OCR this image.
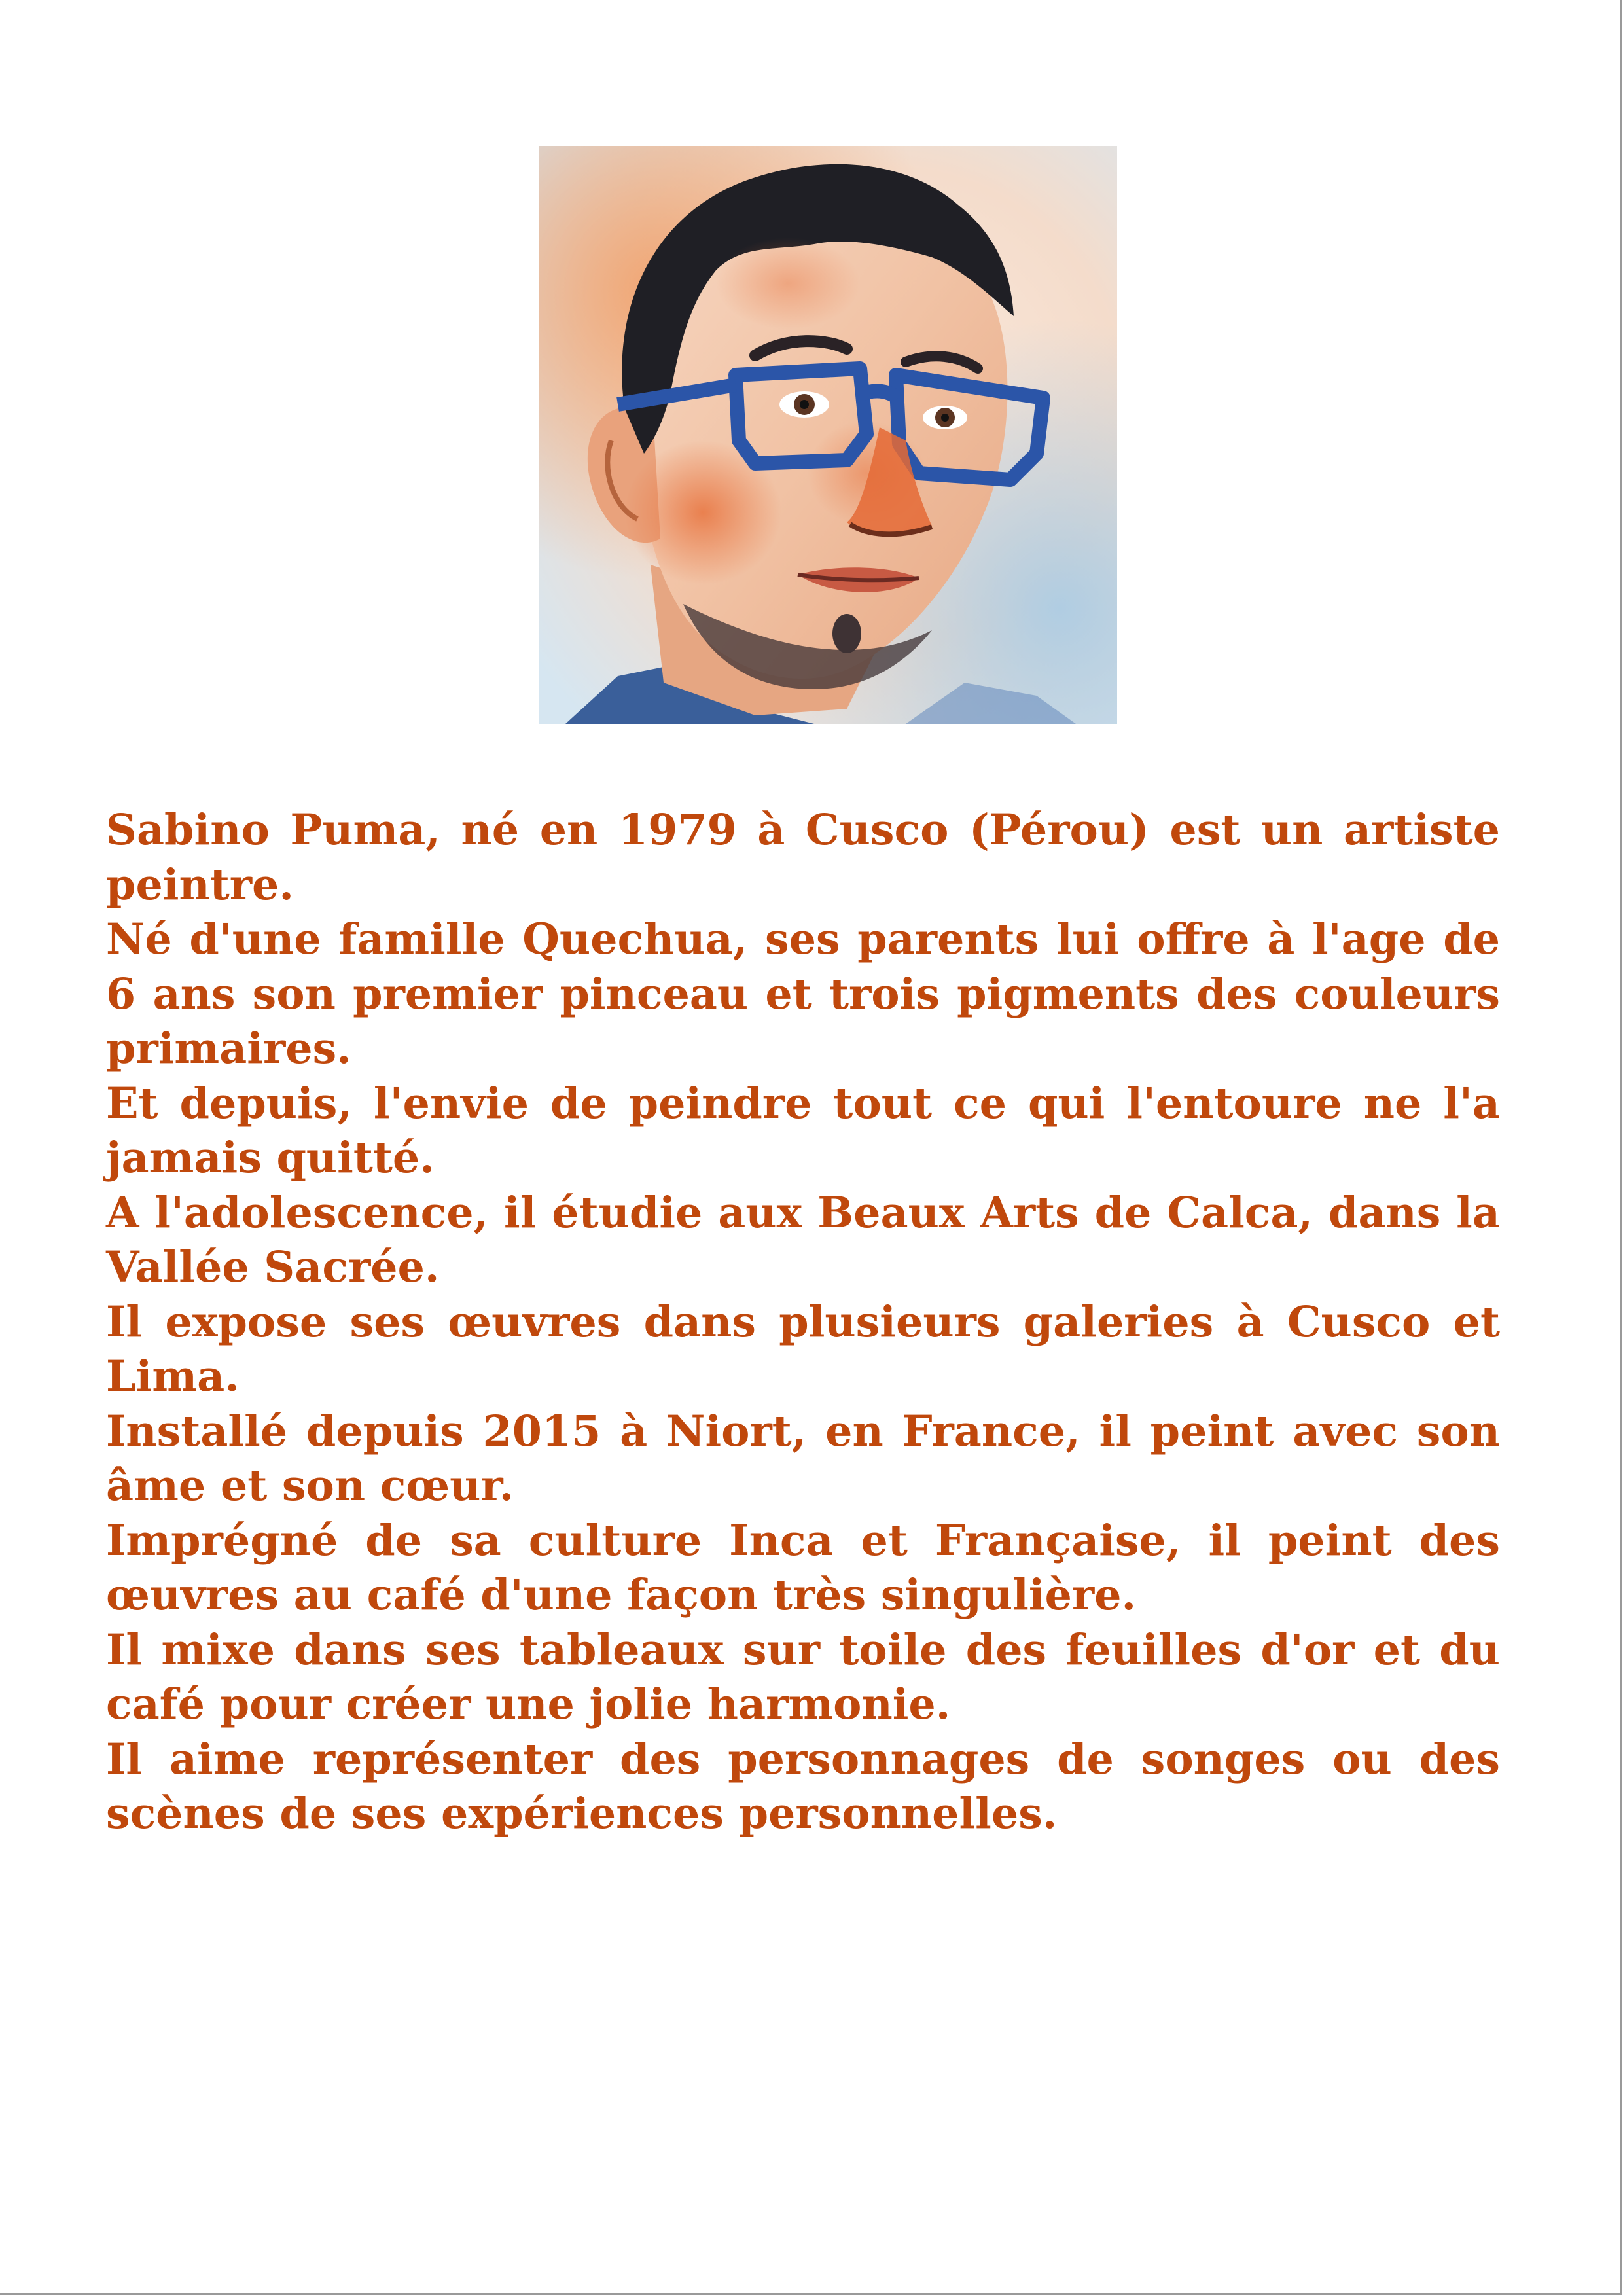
Sabino Puma, né en 1979 à Cusco (Pérou) est un artiste peintre.

Né d'une famille Quechua, ses parents lui offre à l'age de 6 ans son premier pinceau et trois pigments des couleurs primaires.

Et depuis, l'envie de peindre tout ce qui l'entoure ne l'a jamais quitté.

A l'adolescence, il étudie aux Beaux Arts de Calca, dans la Vallée Sacrée.

Il expose ses œuvres dans plusieurs galeries à Cusco et Lima.

Installé depuis 2015 à Niort, en France, il peint avec son âme et son cœur.

Imprégné de sa culture Inca et Française, il peint des œuvres au café d'une façon très singulière.

Il mixe dans ses tableaux sur toile des feuilles d'or et du café pour créer une jolie harmonie.

Il aime représenter des personnages de songes ou des scènes de ses expériences personnelles.
